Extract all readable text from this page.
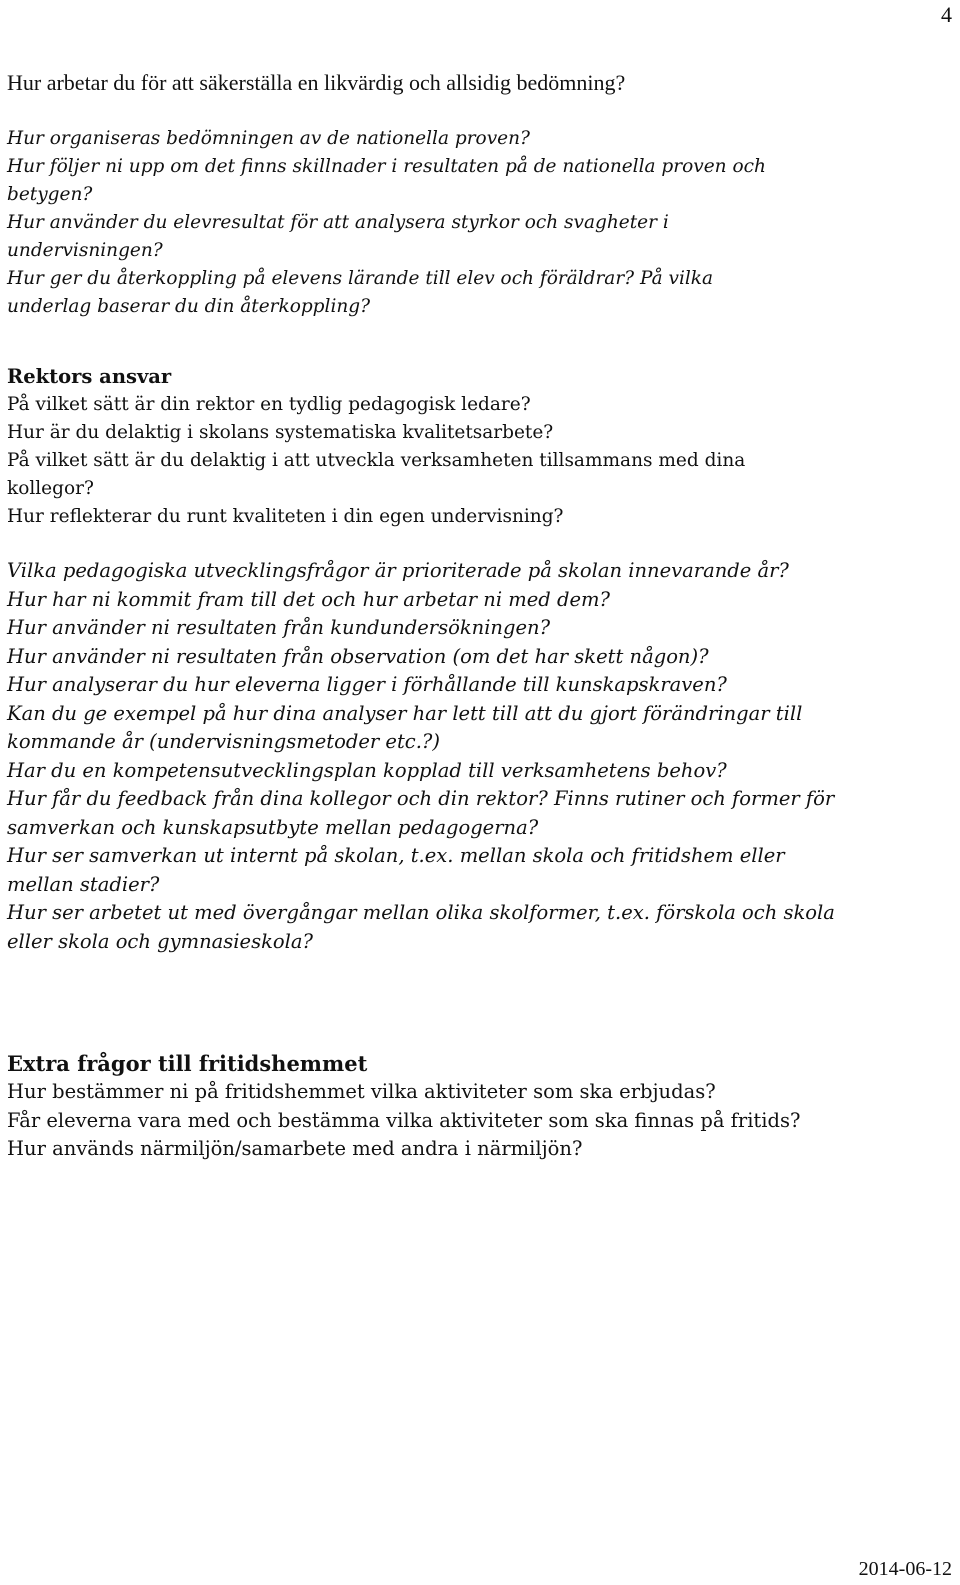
4

Hur arbetar du för att säkerställa en likvärdig och allsidig bedömning?

Hur organiseras bedömningen av de nationella proven?

Hur följer ni upp om det finns skillnader i resultaten på de nationella proven och

betygen?

Hur använder du elevresultat för att analysera styrkor och svagheter i

undervisningen?

Hur ger du återkoppling på elevens lärande till elev och föräldrar? På vilka

underlag baserar du din återkoppling?

Rektors ansvar

På vilket sätt är din rektor en tydlig pedagogisk ledare?

Hur är du delaktig i skolans systematiska kvalitetsarbete?

På vilket sätt är du delaktig i att utveckla verksamheten tillsammans med dina

kollegor?

Hur reflekterar du runt kvaliteten i din egen undervisning?

Vilka pedagogiska utvecklingsfrågor är prioriterade på skolan innevarande år?

Hur har ni kommit fram till det och hur arbetar ni med dem?

Hur använder ni resultaten från kundundersökningen?

Hur använder ni resultaten från observation (om det har skett någon)?

Hur analyserar du hur eleverna ligger i förhållande till kunskapskraven?

Kan du ge exempel på hur dina analyser har lett till att du gjort förändringar till

kommande år (undervisningsmetoder etc.?)

Har du en kompetensutvecklingsplan kopplad till verksamhetens behov?

Hur får du feedback från dina kollegor och din rektor? Finns rutiner och former för

samverkan och kunskapsutbyte mellan pedagogerna?

Hur ser samverkan ut internt på skolan, t.ex. mellan skola och fritidshem eller

mellan stadier?

Hur ser arbetet ut med övergångar mellan olika skolformer, t.ex. förskola och skola

eller skola och gymnasieskola?

Extra frågor till fritidshemmet

Hur bestämmer ni på fritidshemmet vilka aktiviteter som ska erbjudas?

Får eleverna vara med och bestämma vilka aktiviteter som ska finnas på fritids?

Hur används närmiljön/samarbete med andra i närmiljön?

2014-06-12
